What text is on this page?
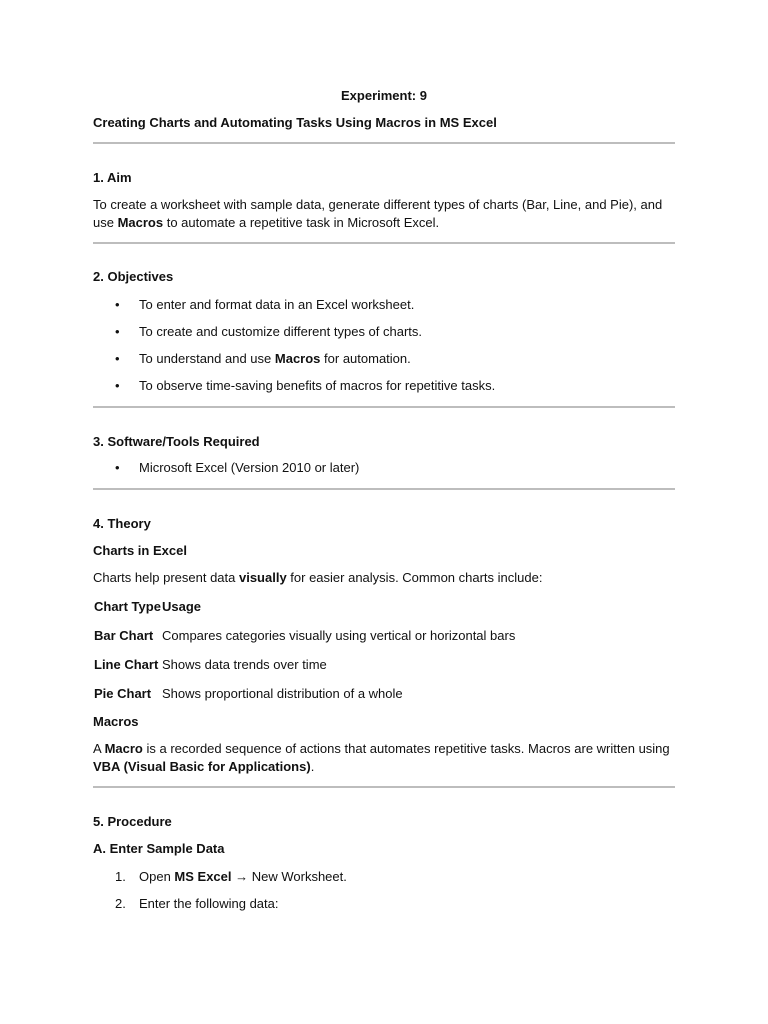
Experiment: 9
Creating Charts and Automating Tasks Using Macros in MS Excel
1. Aim
To create a worksheet with sample data, generate different types of charts (Bar, Line, and Pie), and
use Macros to automate a repetitive task in Microsoft Excel.
2. Objectives
• To enter and format data in an Excel worksheet.
• To create and customize different types of charts.
• To understand and use Macros for automation.
• To observe time-saving benefits of macros for repetitive tasks.
3. Software/Tools Required
• Microsoft Excel (Version 2010 or later)
4. Theory
Charts in Excel
Charts help present data visually for easier analysis. Common charts include:
Chart Type Usage
Bar Chart Compares categories visually using vertical or horizontal bars
Line Chart Shows data trends over time
Pie Chart Shows proportional distribution of a whole
Macros
A Macro is a recorded sequence of actions that automates repetitive tasks. Macros are written using
VBA (Visual Basic for Applications).
5. Procedure
A. Enter Sample Data
1. Open MS Excel → New Worksheet.
2. Enter the following data:
